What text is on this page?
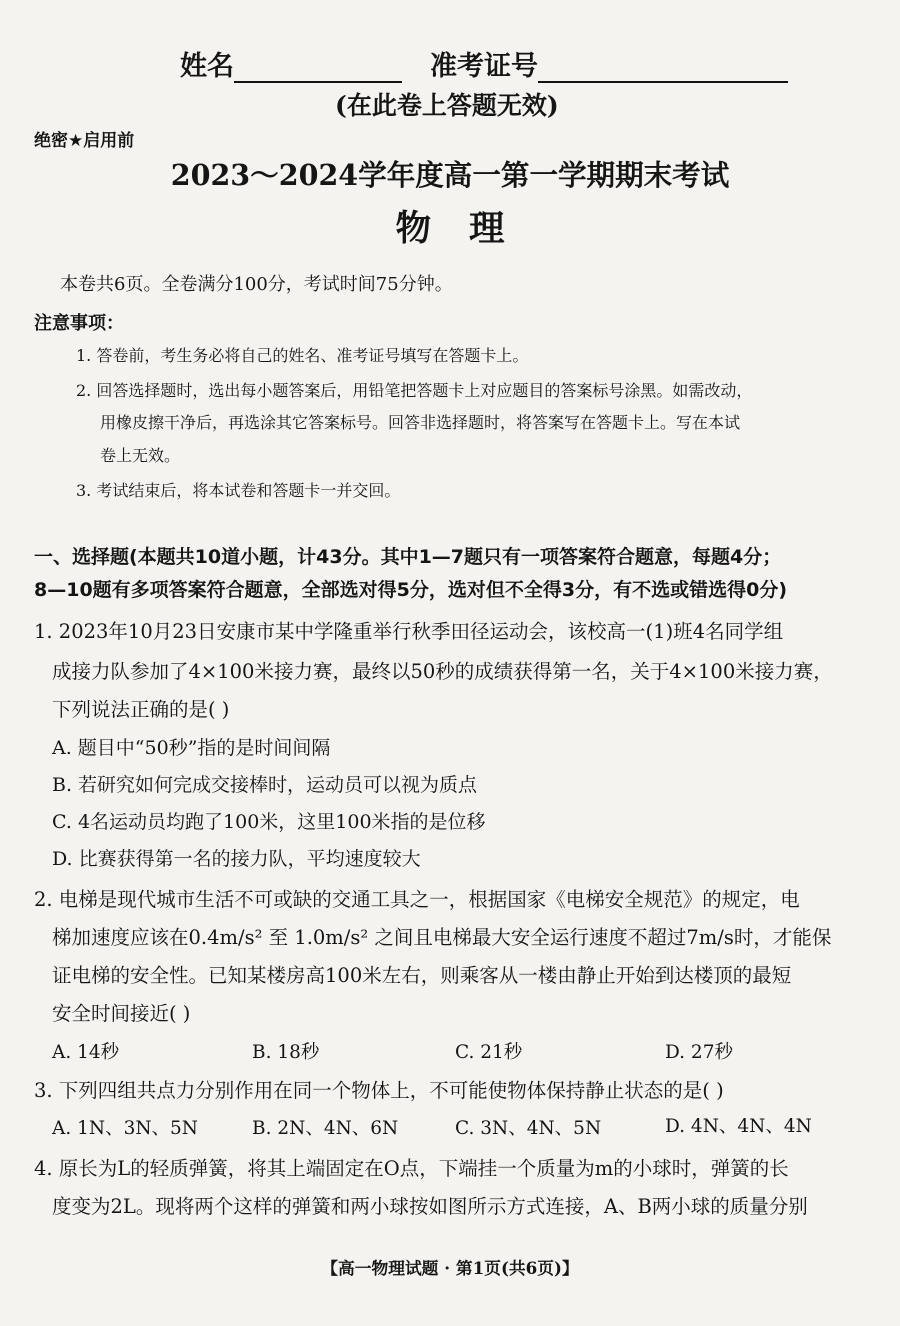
姓名	准考证号
(在此卷上答题无效)
绝密★启用前
2023～2024学年度高一第一学期期末考试
物理
本卷共6页。全卷满分100分，考试时间75分钟。
注意事项：
1. 答卷前，考生务必将自己的姓名、准考证号填写在答题卡上。
2. 回答选择题时，选出每小题答案后，用铅笔把答题卡上对应题目的答案标号涂黑。如需改动，
用橡皮擦干净后，再选涂其它答案标号。回答非选择题时，将答案写在答题卡上。写在本试
卷上无效。
3. 考试结束后，将本试卷和答题卡一并交回。
一、选择题(本题共10道小题，计43分。其中1—7题只有一项答案符合题意，每题4分；
8—10题有多项答案符合题意，全部选对得5分，选对但不全得3分，有不选或错选得0分)
1. 2023年10月23日安康市某中学隆重举行秋季田径运动会，该校高一(1)班4名同学组
成接力队参加了4×100米接力赛，最终以50秒的成绩获得第一名，关于4×100米接力赛，
下列说法正确的是( )
A. 题目中“50秒”指的是时间间隔
B. 若研究如何完成交接棒时，运动员可以视为质点
C. 4名运动员均跑了100米，这里100米指的是位移
D. 比赛获得第一名的接力队，平均速度较大
2. 电梯是现代城市生活不可或缺的交通工具之一，根据国家《电梯安全规范》的规定，电
梯加速度应该在0.4m/s² 至 1.0m/s² 之间且电梯最大安全运行速度不超过7m/s时，才能保
证电梯的安全性。已知某楼房高100米左右，则乘客从一楼由静止开始到达楼顶的最短
安全时间接近( )
A. 14秒	B. 18秒	C. 21秒	D. 27秒
3. 下列四组共点力分别作用在同一个物体上，不可能使物体保持静止状态的是( )
A. 1N、3N、5N	B. 2N、4N、6N	C. 3N、4N、5N	D. 4N、4N、4N
4. 原长为L的轻质弹簧，将其上端固定在O点，下端挂一个质量为m的小球时，弹簧的长
度变为2L。现将两个这样的弹簧和两小球按如图所示方式连接，A、B两小球的质量分别
【高一物理试题 · 第1页(共6页)】
